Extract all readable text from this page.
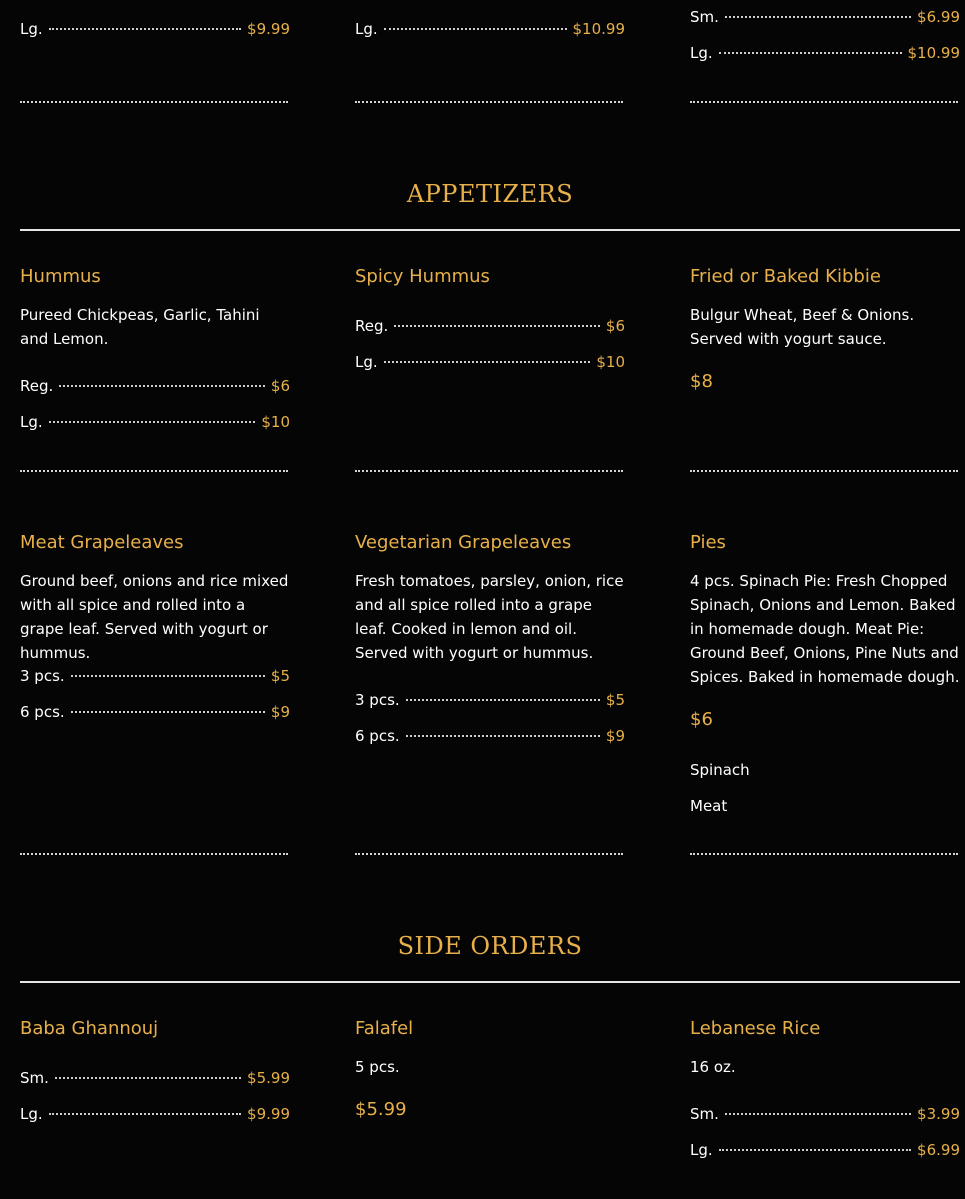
Lg.	$9.99	Lg.	$10.99
Sm.	$6.99
Lg.	$10.99
APPETIZERS
Hummus

Pureed Chickpeas, Garlic, Tahini and Lemon.

Reg.	$6
Lg.	$10
Spicy Hummus
Reg.	$6
Lg.	$10
Fried or Baked Kibbie

Bulgur Wheat, Beef & Onions. Served with yogurt sauce.

$8
Meat Grapeleaves

Ground beef, onions and rice mixed with all spice and rolled into a grape leaf. Served with yogurt or hummus.

3 pcs.	$5
6 pcs.	$9
Vegetarian Grapeleaves

Fresh tomatoes, parsley, onion, rice and all spice rolled into a grape leaf. Cooked in lemon and oil. Served with yogurt or hummus.

3 pcs.	$5
6 pcs.	$9
Pies

4 pcs. Spinach Pie: Fresh Chopped Spinach, Onions and Lemon. Baked in homemade dough. Meat Pie: Ground Beef, Onions, Pine Nuts and Spices. Baked in homemade dough.

$6
Spinach
Meat
SIDE ORDERS
Baba Ghannouj
Sm.	$5.99
Lg.	$9.99
Falafel

5 pcs.

$5.99
Lebanese Rice

16 oz.

Sm.	$3.99
Lg.	$6.99
